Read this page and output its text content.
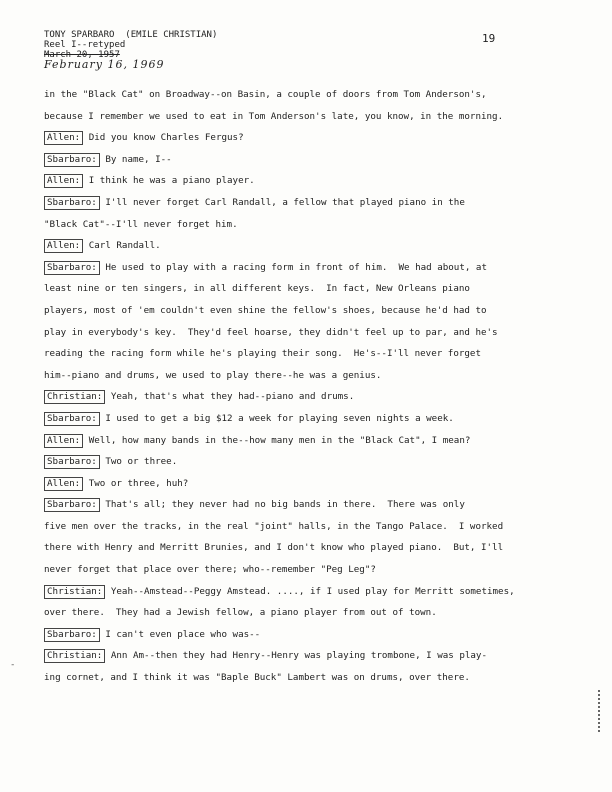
TONY SPARBARO  (EMILE CHRISTIAN)
Reel I--retyped
March 20, 1957
February 16, 1969
19
in the "Black Cat" on Broadway--on Basin, a couple of doors from Tom Anderson's,
because I remember we used to eat in Tom Anderson's late, you know, in the morning.
Allen: Did you know Charles Fergus?
Sbarbaro: By name, I--
Allen: I think he was a piano player.
Sbarbaro: I'll never forget Carl Randall, a fellow that played piano in the
"Black Cat"--I'll never forget him.
Allen: Carl Randall.
Sbarbaro: He used to play with a racing form in front of him.  We had about, at
least nine or ten singers, in all different keys.  In fact, New Orleans piano
players, most of 'em couldn't even shine the fellow's shoes, because he'd had to
play in everybody's key.  They'd feel hoarse, they didn't feel up to par, and he's
reading the racing form while he's playing their song.  He's--I'll never forget
him--piano and drums, we used to play there--he was a genius.
Christian: Yeah, that's what they had--piano and drums.
Sbarbaro: I used to get a big $12 a week for playing seven nights a week.
Allen: Well, how many bands in the--how many men in the "Black Cat", I mean?
Sbarbaro: Two or three.
Allen: Two or three, huh?
Sbarbaro: That's all; they never had no big bands in there.  There was only
five men over the tracks, in the real "joint" halls, in the Tango Palace.  I worked
there with Henry and Merritt Brunies, and I don't know who played piano.  But, I'll
never forget that place over there; who--remember "Peg Leg"?
Christian: Yeah--Amstead--Peggy Amstead. ...., if I used play for Merritt sometimes,
over there.  They had a Jewish fellow, a piano player from out of town.
Sbarbaro: I can't even place who was--
Christian: Ann Am--then they had Henry--Henry was playing trombone, I was play-
ing cornet, and I think it was "Baple Buck" Lambert was on drums, over there.
-
